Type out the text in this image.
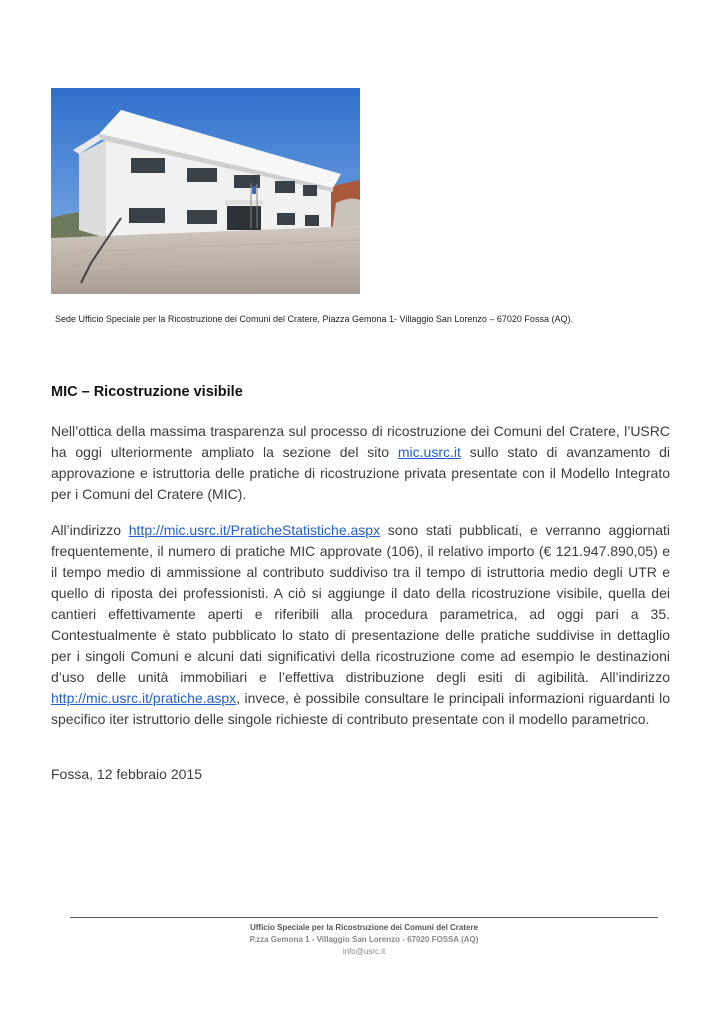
Sede Ufficio Speciale per la Ricostruzione dei Comuni del Cratere, Piazza Gemona 1- Villaggio San Lorenzo – 67020 Fossa (AQ).
MIC – Ricostruzione visibile

Nell’ottica della massima trasparenza sul processo di ricostruzione dei Comuni del Cratere, l’USRC ha oggi ulteriormente ampliato la sezione del sito mic.usrc.it sullo stato di avanzamento di approvazione e istruttoria delle pratiche di ricostruzione privata presentate con il Modello Integrato per i Comuni del Cratere (MIC).

All’indirizzo http://mic.usrc.it/PraticheStatistiche.aspx sono stati pubblicati, e verranno aggiornati frequentemente, il numero di pratiche MIC approvate (106), il relativo importo (€ 121.947.890,05) e il tempo medio di ammissione al contributo suddiviso tra il tempo di istruttoria medio degli UTR e quello di riposta dei professionisti. A ciò si aggiunge il dato della ricostruzione visibile, quella dei cantieri effettivamente aperti e riferibili alla procedura parametrica, ad oggi pari a 35. Contestualmente è stato pubblicato lo stato di presentazione delle pratiche suddivise in dettaglio per i singoli Comuni e alcuni dati significativi della ricostruzione come ad esempio le destinazioni d’uso delle unità immobiliari e l’effettiva distribuzione degli esiti di agibilità. All’indirizzo http://mic.usrc.it/pratiche.aspx, invece, è possibile consultare le principali informazioni riguardanti lo specifico iter istruttorio delle singole richieste di contributo presentate con il modello parametrico.

Fossa, 12 febbraio 2015
Ufficio Speciale per la Ricostruzione dei Comuni del Cratere
P.zza Gemona 1 - Villaggio San Lorenzo - 67020 FOSSA (AQ)
info@usrc.it
